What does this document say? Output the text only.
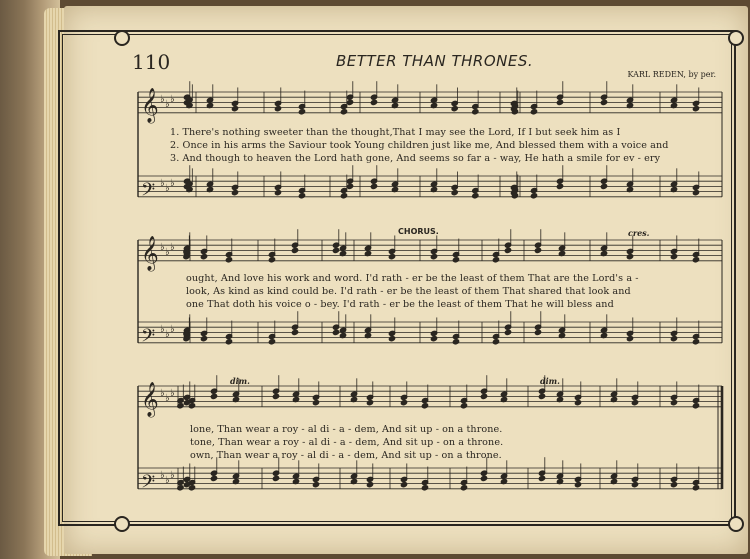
110	BETTER THAN THRONES.
KARL REDEN, by per.
𝄞 ♭ ♭ ♭
𝄢 ♭ ♭ ♭
𝄞 ♭ ♭ ♭
𝄢 ♭ ♭ ♭
𝄞 ♭ ♭ ♭
𝄢 ♭ ♭ ♭
1. There's nothing sweeter than the thought,That I may see the Lord, If I but seek him as I
2. Once in his arms the Saviour took Young children just like me, And blessed them with a voice and
3. And though to heaven the Lord hath gone, And seems so far a - way, He hath a smile for ev - ery
CHORUS.	cres.
ought, And love his work and word. I'd rath - er be the least of them That are the Lord's a -
look, As kind as kind could be. I'd rath - er be the least of them That shared that look and
one That doth his voice o - bey. I'd rath - er be the least of them That he will bless and
dim.	dim.
lone, Than wear a roy - al di - a - dem, And sit up - on a throne.
tone, Than wear a roy - al di - a - dem, And sit up - on a throne.
own, Than wear a roy - al di - a - dem, And sit up - on a throne.
